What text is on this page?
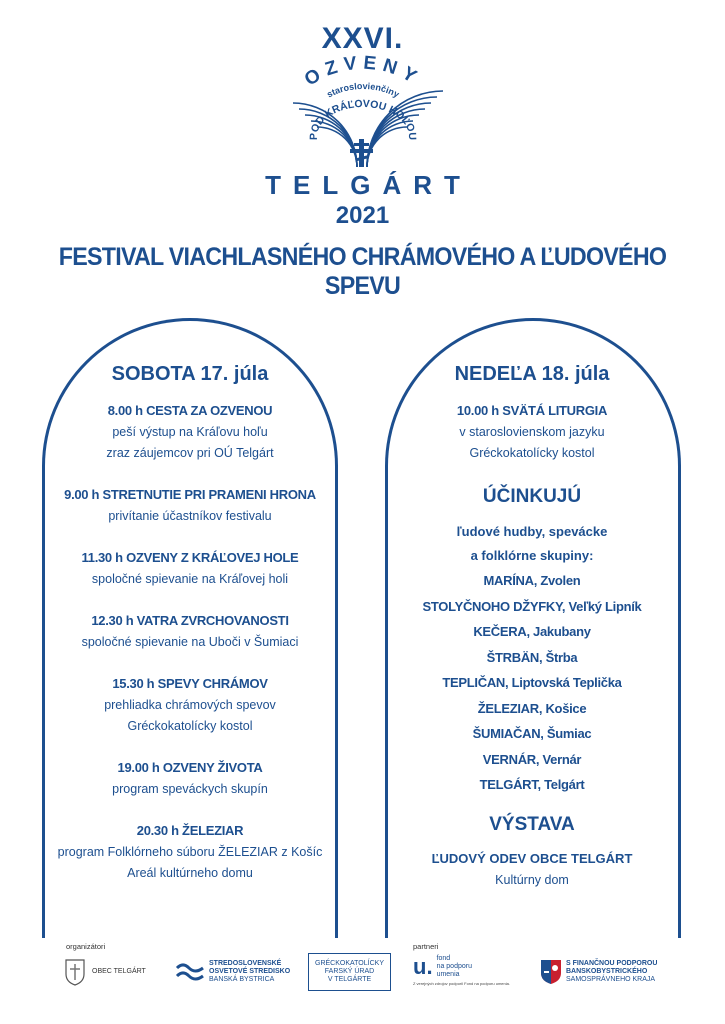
XXVI.
OZVENY
staroslovienčiny
POD KRÁĽOVOU HOĽOU
TELGÁRT
2021
FESTIVAL VIACHLASNÉHO CHRÁMOVÉHO A ĽUDOVÉHO SPEVU
SOBOTA 17. júla
8.00 h CESTA ZA OZVENOU
peší výstup na Kráľovu hoľu
zraz záujemcov pri OÚ Telgárt
9.00 h STRETNUTIE PRI PRAMENI HRONA
privítanie účastníkov festivalu
11.30 h OZVENY Z KRÁĽOVEJ HOLE
spoločné spievanie na Kráľovej holi
12.30 h VATRA ZVRCHOVANOSTI
spoločné spievanie na Uboči v Šumiaci
15.30 h SPEVY CHRÁMOV
prehliadka chrámových spevov
Gréckokatolícky kostol
19.00 h OZVENY ŽIVOTA
program speváckych skupín
20.30 h ŽELEZIAR
program Folklórneho súboru ŽELEZIAR z Košíc
Areál kultúrneho domu
NEDEĽA 18. júla
10.00 h SVÄTÁ LITURGIA
v staroslovienskom jazyku
Gréckokatolícky kostol
ÚČINKUJÚ
ľudové hudby, spevácke
a folklórne skupiny:
MARÍNA, Zvolen
STOLYČNOHO DŽYFKY, Veľký Lipník
KEČERA, Jakubany
ŠTRBÄN, Štrba
TEPLIČAN, Liptovská Teplička
ŽELEZIAR, Košice
ŠUMIAČAN, Šumiac
VERNÁR, Vernár
TELGÁRT, Telgárt
VÝSTAVA
ĽUDOVÝ ODEV OBCE TELGÁRT
Kultúrny dom
organizátori	partneri
OBEC TELGÁRT
STREDOSLOVENSKÉ
OSVETOVÉ STREDISKO
BANSKÁ BYSTRICA
GRÉCKOKATOLÍCKY
FARSKÝ ÚRAD
V TELGÁRTE
u. fond
na podporu
umenia
Z verejných zdrojov podporil Fond na podporu umenia.
S FINANČNOU PODPOROU
BANSKOBYSTRICKÉHO
SAMOSPRÁVNEHO KRAJA
